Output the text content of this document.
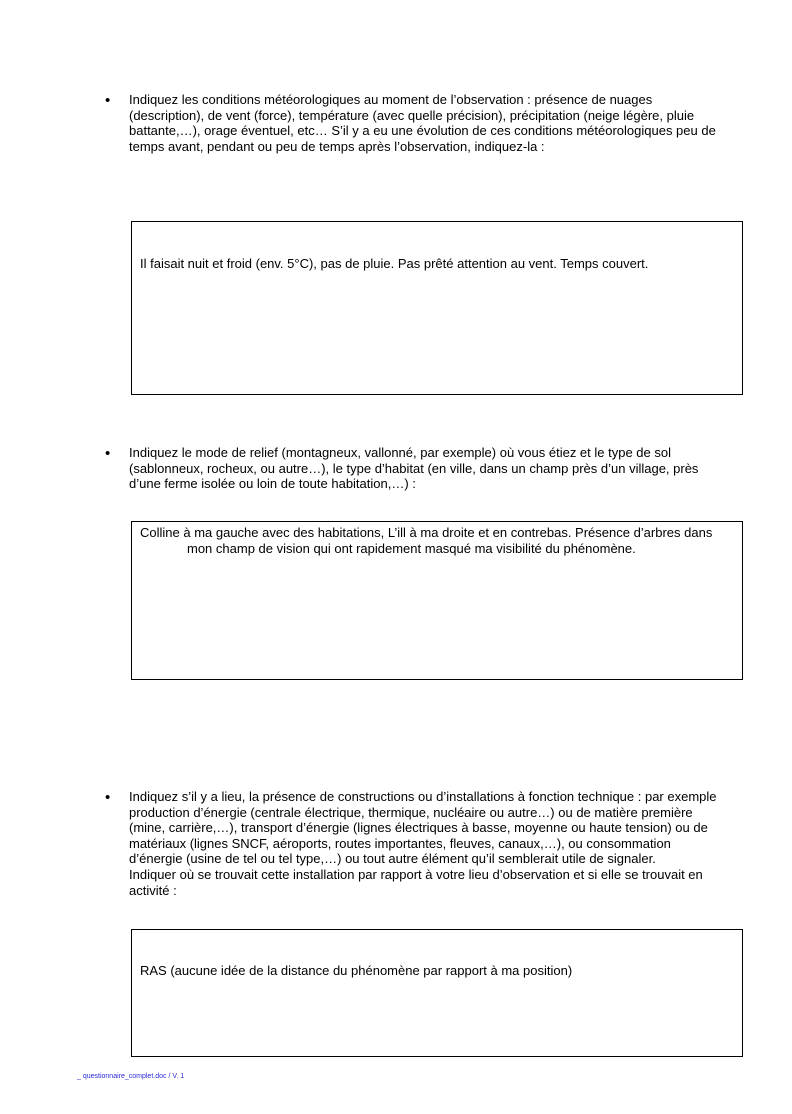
• Indiquez les conditions météorologiques au moment de l’observation : présence de nuages

(description), de vent (force), température (avec quelle précision), précipitation (neige légère, pluie

battante,…), orage éventuel, etc… S’il y a eu une évolution de ces conditions météorologiques peu de

temps avant, pendant ou peu de temps après l’observation, indiquez-la :

Il faisait nuit et froid (env. 5°C), pas de pluie. Pas prêté attention au vent. Temps couvert.
• Indiquez le mode de relief (montagneux, vallonné, par exemple) où vous étiez et le type de sol

(sablonneux, rocheux, ou autre…), le type d’habitat (en ville, dans un champ près d’un village, près

d’une ferme isolée ou loin de toute habitation,…) :

Colline à ma gauche avec des habitations, L’ill à ma droite et en contrebas. Présence d’arbres dans
mon champ de vision qui ont rapidement masqué ma visibilité du phénomène.
• Indiquez s’il y a lieu, la présence de constructions ou d’installations à fonction technique : par exemple

production d’énergie (centrale électrique, thermique, nucléaire ou autre…) ou de matière première

(mine, carrière,…), transport d’énergie (lignes électriques à basse, moyenne ou haute tension) ou de

matériaux (lignes SNCF, aéroports, routes importantes, fleuves, canaux,…), ou consommation

d’énergie (usine de tel ou tel type,…) ou tout autre élément qu’il semblerait utile de signaler.

Indiquer où se trouvait cette installation par rapport à votre lieu d’observation et si elle se trouvait en

activité :

RAS (aucune idée de la distance du phénomène par rapport à ma position)
_ questionnaire_complet.doc / V. 1
